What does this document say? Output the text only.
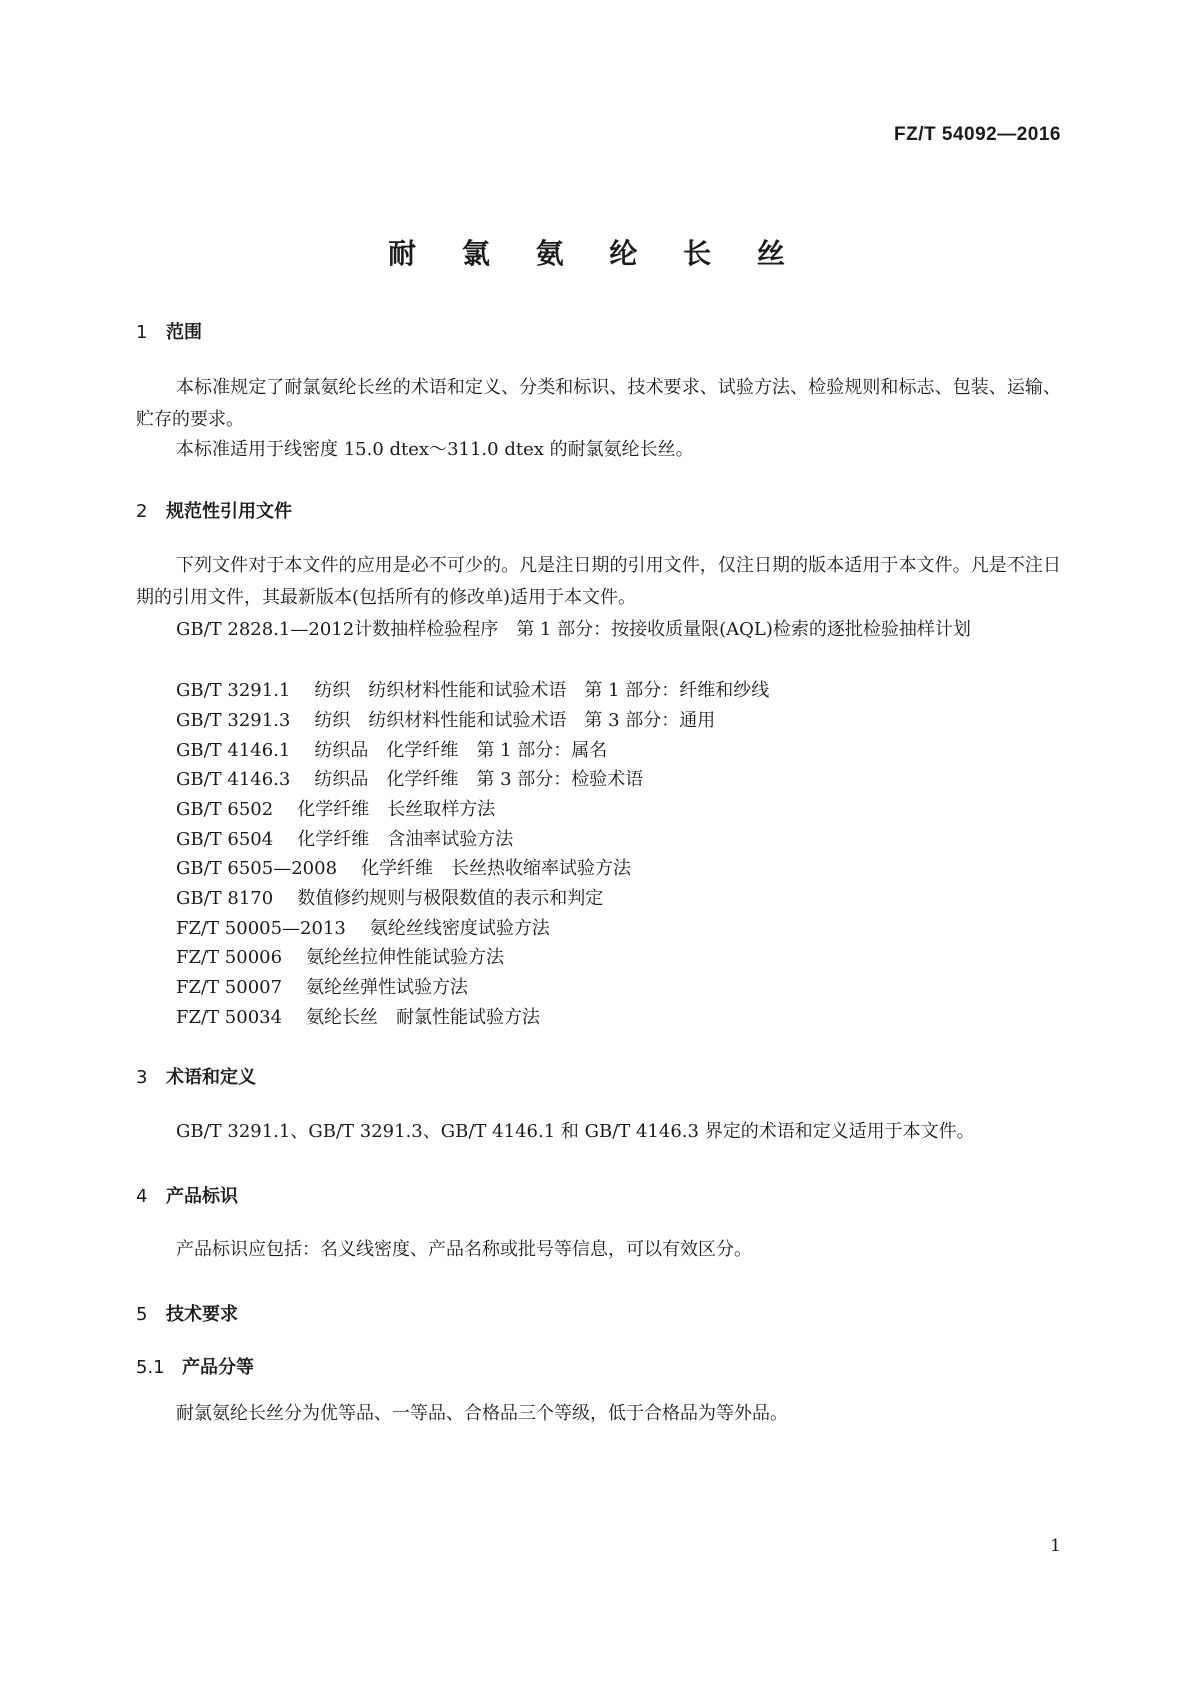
FZ/T 54092—2016
耐 氯 氨 纶 长 丝
1 范围
本标准规定了耐氯氨纶长丝的术语和定义、分类和标识、技术要求、试验方法、检验规则和标志、包装、运输、贮存的要求。
本标准适用于线密度 15.0 dtex～311.0 dtex 的耐氯氨纶长丝。
2 规范性引用文件
下列文件对于本文件的应用是必不可少的。凡是注日期的引用文件，仅注日期的版本适用于本文件。凡是不注日期的引用文件，其最新版本(包括所有的修改单)适用于本文件。
GB/T 2828.1—2012计数抽样检验程序　第 1 部分：按接收质量限(AQL)检索的逐批检验抽样计划
GB/T 3291.1 纺织　纺织材料性能和试验术语　第 1 部分：纤维和纱线
GB/T 3291.3 纺织　纺织材料性能和试验术语　第 3 部分：通用
GB/T 4146.1 纺织品　化学纤维　第 1 部分：属名
GB/T 4146.3 纺织品　化学纤维　第 3 部分：检验术语
GB/T 6502 化学纤维　长丝取样方法
GB/T 6504 化学纤维　含油率试验方法
GB/T 6505—2008 化学纤维　长丝热收缩率试验方法
GB/T 8170 数值修约规则与极限数值的表示和判定
FZ/T 50005—2013 氨纶丝线密度试验方法
FZ/T 50006 氨纶丝拉伸性能试验方法
FZ/T 50007 氨纶丝弹性试验方法
FZ/T 50034 氨纶长丝　耐氯性能试验方法
3 术语和定义
GB/T 3291.1、GB/T 3291.3、GB/T 4146.1 和 GB/T 4146.3 界定的术语和定义适用于本文件。
4 产品标识
产品标识应包括：名义线密度、产品名称或批号等信息，可以有效区分。
5 技术要求
5.1 产品分等
耐氯氨纶长丝分为优等品、一等品、合格品三个等级，低于合格品为等外品。
1
